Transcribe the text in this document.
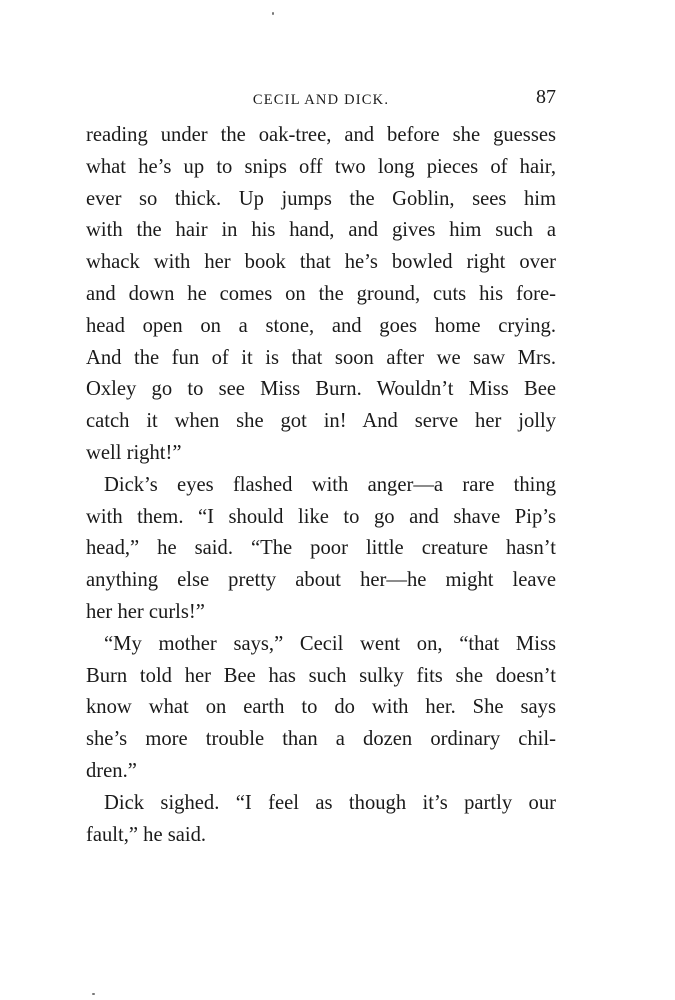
CECIL AND DICK.	87
reading under the oak-tree, and before she guesses
what he’s up to snips off two long pieces of hair,
ever so thick. Up jumps the Goblin, sees him
with the hair in his hand, and gives him such a
whack with her book that he’s bowled right over
and down he comes on the ground, cuts his fore-
head open on a stone, and goes home crying.
And the fun of it is that soon after we saw Mrs.
Oxley go to see Miss Burn. Wouldn’t Miss Bee
catch it when she got in! And serve her jolly
well right!”
Dick’s eyes flashed with anger—a rare thing
with them. “I should like to go and shave Pip’s
head,” he said. “The poor little creature hasn’t
anything else pretty about her—he might leave
her her curls!”
“My mother says,” Cecil went on, “that Miss
Burn told her Bee has such sulky fits she doesn’t
know what on earth to do with her. She says
she’s more trouble than a dozen ordinary chil-
dren.”
Dick sighed. “I feel as though it’s partly our
fault,” he said.
